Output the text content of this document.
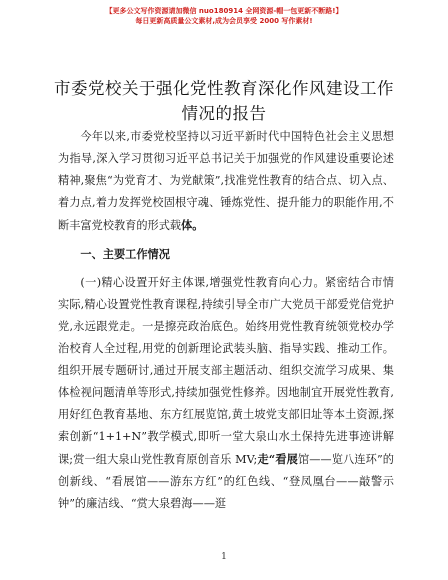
【更多公文写作资源请加微信 nuo180914 全网资源-帽一包更新不断路!】
每日更新高质量公文素材,成为会员享受 2000 写作素材!
市委党校关于强化党性教育深化作风建设工作
情况的报告

今年以来,市委党校坚持以习近平新时代中国特色社会主义思想为指导,深入学习贯彻习近平总书记关于加强党的作风建设重要论述精神,聚焦“为党育才、为党献策”,找准党性教育的结合点、切入点、着力点,着力发挥党校固根守魂、锤炼党性、提升能力的职能作用,不断丰富党校教育的形式载体。

一、主要工作情况

(一)精心设置开好主体课,增强党性教育向心力。紧密结合市情实际,精心设置党性教育课程,持续引导全市广大党员干部爱党信党护党,永远跟党走。一是擦亮政治底色。始终用党性教育统领党校办学治校育人全过程,用党的创新理论武装头脑、指导实践、推动工作。组织开展专题研讨,通过开展支部主题活动、组织交流学习成果、集体检视问题清单等形式,持续加强党性修养。因地制宜开展党性教育,用好红色教育基地、东方红展览馆,黄土坡党支部旧址等本土资源,探索创新“1+1+N”教学模式,即听一堂大泉山水土保持先进事迹讲解课;赏一组大泉山党性教育原创音乐 MV;走“看展馆——览八连环”的创新线、“看展馆——游东方红”的红色线、“登凤凰台——敲警示钟”的廉洁线、“赏大泉碧海——逛

1
